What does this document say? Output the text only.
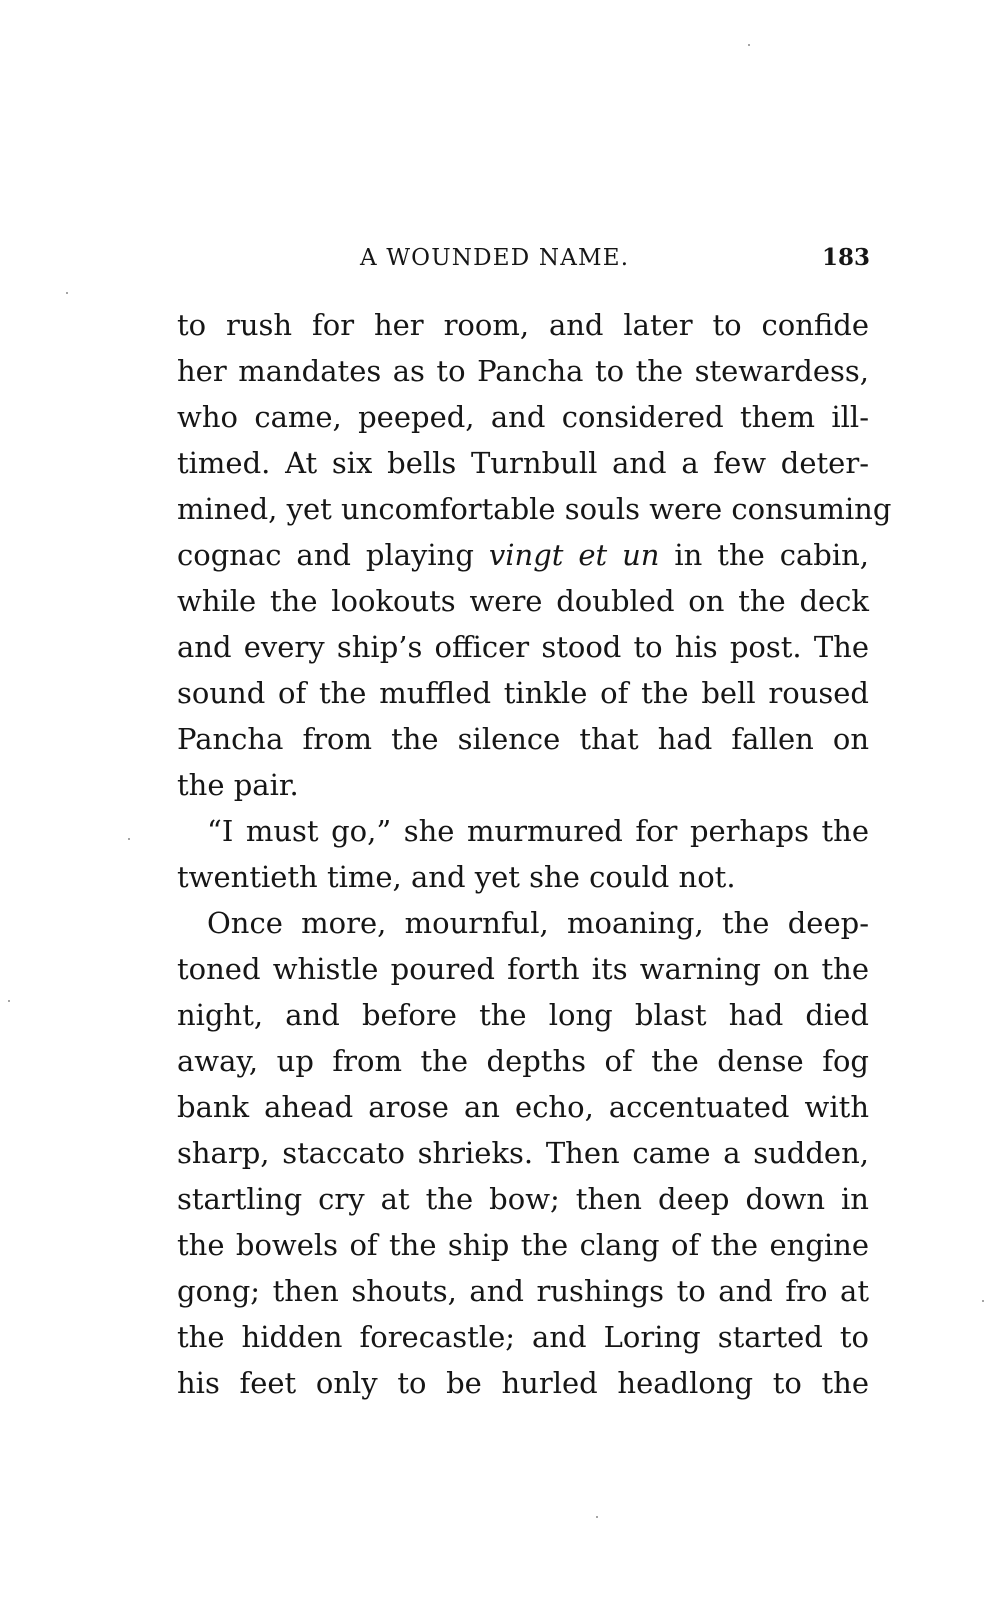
A WOUNDED NAME.	183
to rush for her room, and later to confide
her mandates as to Pancha to the stewardess,
who came, peeped, and considered them ill-
timed. At six bells Turnbull and a few deter-
mined, yet uncomfortable souls were consuming
cognac and playing vingt et un in the cabin,
while the lookouts were doubled on the deck
and every ship’s officer stood to his post. The
sound of the muffled tinkle of the bell roused
Pancha from the silence that had fallen on
the pair.
“I must go,” she murmured for perhaps the
twentieth time, and yet she could not.
Once more, mournful, moaning, the deep-
toned whistle poured forth its warning on the
night, and before the long blast had died
away, up from the depths of the dense fog
bank ahead arose an echo, accentuated with
sharp, staccato shrieks. Then came a sudden,
startling cry at the bow; then deep down in
the bowels of the ship the clang of the engine
gong; then shouts, and rushings to and fro at
the hidden forecastle; and Loring started to
his feet only to be hurled headlong to the
